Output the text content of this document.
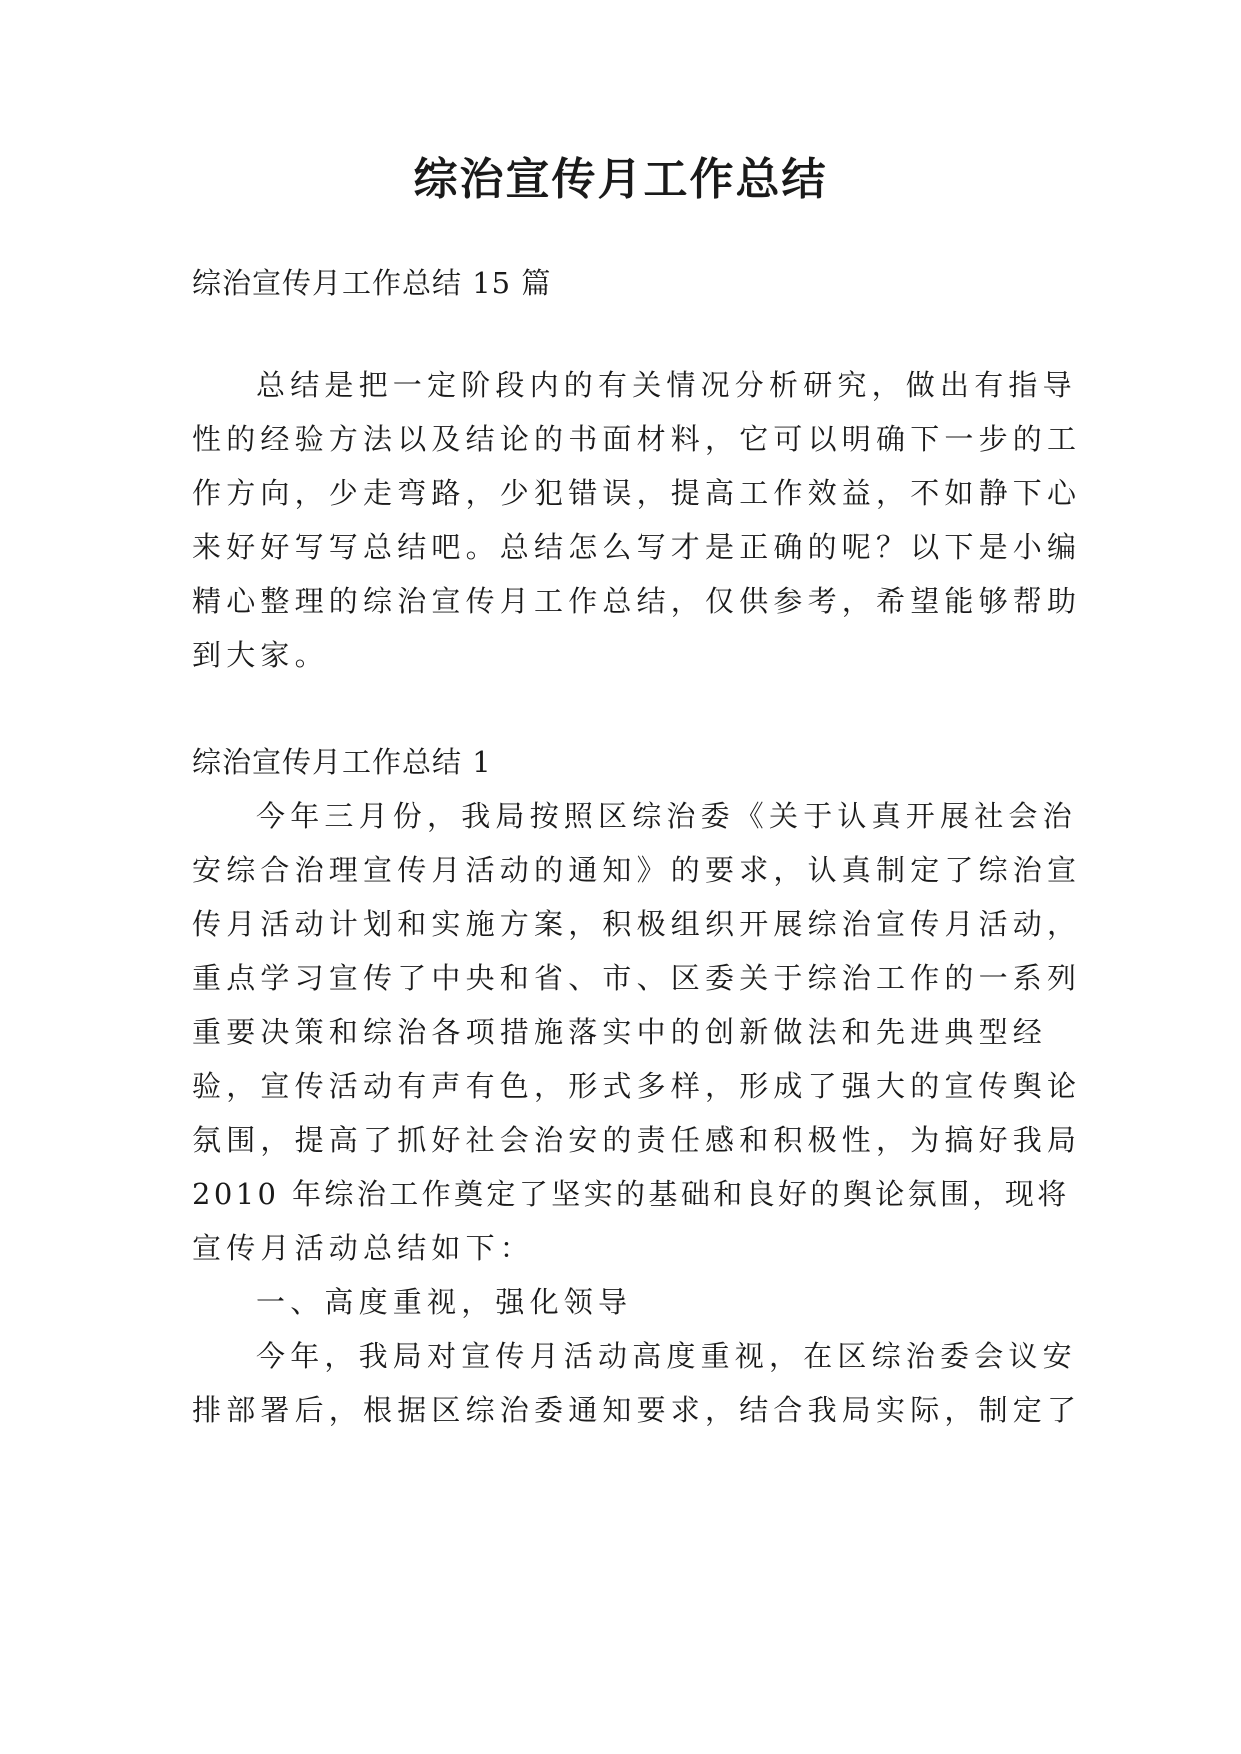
综治宣传月工作总结

综治宣传月工作总结 15 篇

总结是把一定阶段内的有关情况分析研究，做出有指导

性的经验方法以及结论的书面材料，它可以明确下一步的工

作方向，少走弯路，少犯错误，提高工作效益，不如静下心

来好好写写总结吧。总结怎么写才是正确的呢？以下是小编

精心整理的综治宣传月工作总结，仅供参考，希望能够帮助

到大家。

综治宣传月工作总结 1

今年三月份，我局按照区综治委《关于认真开展社会治

安综合治理宣传月活动的通知》的要求，认真制定了综治宣

传月活动计划和实施方案，积极组织开展综治宣传月活动，

重点学习宣传了中央和省、市、区委关于综治工作的一系列

重要决策和综治各项措施落实中的创新做法和先进典型经

验，宣传活动有声有色，形式多样，形成了强大的宣传舆论

氛围，提高了抓好社会治安的责任感和积极性，为搞好我局

2010 年综治工作奠定了坚实的基础和良好的舆论氛围，现将

宣传月活动总结如下：

一、高度重视，强化领导

今年，我局对宣传月活动高度重视，在区综治委会议安

排部署后，根据区综治委通知要求，结合我局实际，制定了
